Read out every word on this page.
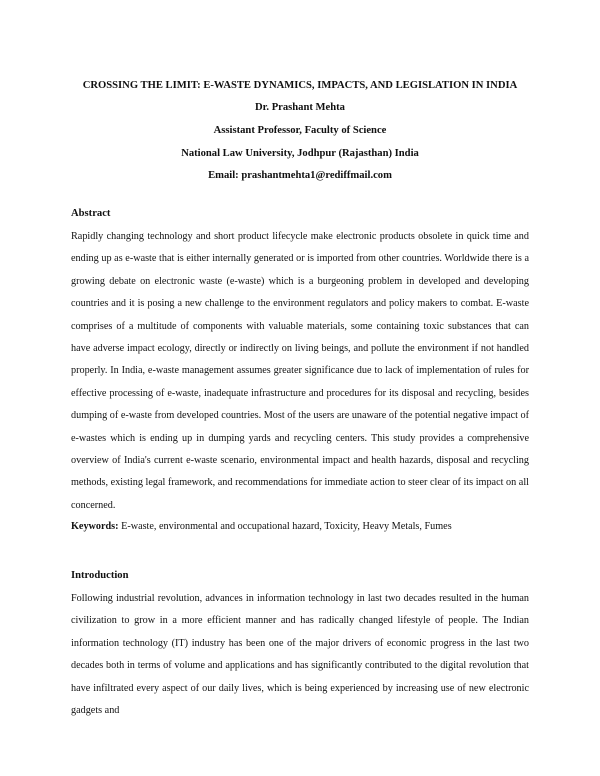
CROSSING THE LIMIT: E-WASTE DYNAMICS, IMPACTS, AND LEGISLATION IN INDIA
Dr. Prashant Mehta
Assistant Professor, Faculty of Science
National Law University, Jodhpur (Rajasthan) India
Email: prashantmehta1@rediffmail.com
Abstract
Rapidly changing technology and short product lifecycle make electronic products obsolete in quick time and ending up as e-waste that is either internally generated or is imported from other countries. Worldwide there is a growing debate on electronic waste (e-waste) which is a burgeoning problem in developed and developing countries and it is posing a new challenge to the environment regulators and policy makers to combat. E-waste comprises of a multitude of components with valuable materials, some containing toxic substances that can have adverse impact ecology, directly or indirectly on living beings, and pollute the environment if not handled properly. In India, e-waste management assumes greater significance due to lack of implementation of rules for effective processing of e-waste, inadequate infrastructure and procedures for its disposal and recycling, besides dumping of e-waste from developed countries. Most of the users are unaware of the potential negative impact of e-wastes which is ending up in dumping yards and recycling centers. This study provides a comprehensive overview of India's current e-waste scenario, environmental impact and health hazards, disposal and recycling methods, existing legal framework, and recommendations for immediate action to steer clear of its impact on all concerned.
Keywords: E-waste, environmental and occupational hazard, Toxicity, Heavy Metals, Fumes
Introduction
Following industrial revolution, advances in information technology in last two decades resulted in the human civilization to grow in a more efficient manner and has radically changed lifestyle of people. The Indian information technology (IT) industry has been one of the major drivers of economic progress in the last two decades both in terms of volume and applications and has significantly contributed to the digital revolution that have infiltrated every aspect of our daily lives, which is being experienced by increasing use of new electronic gadgets and
